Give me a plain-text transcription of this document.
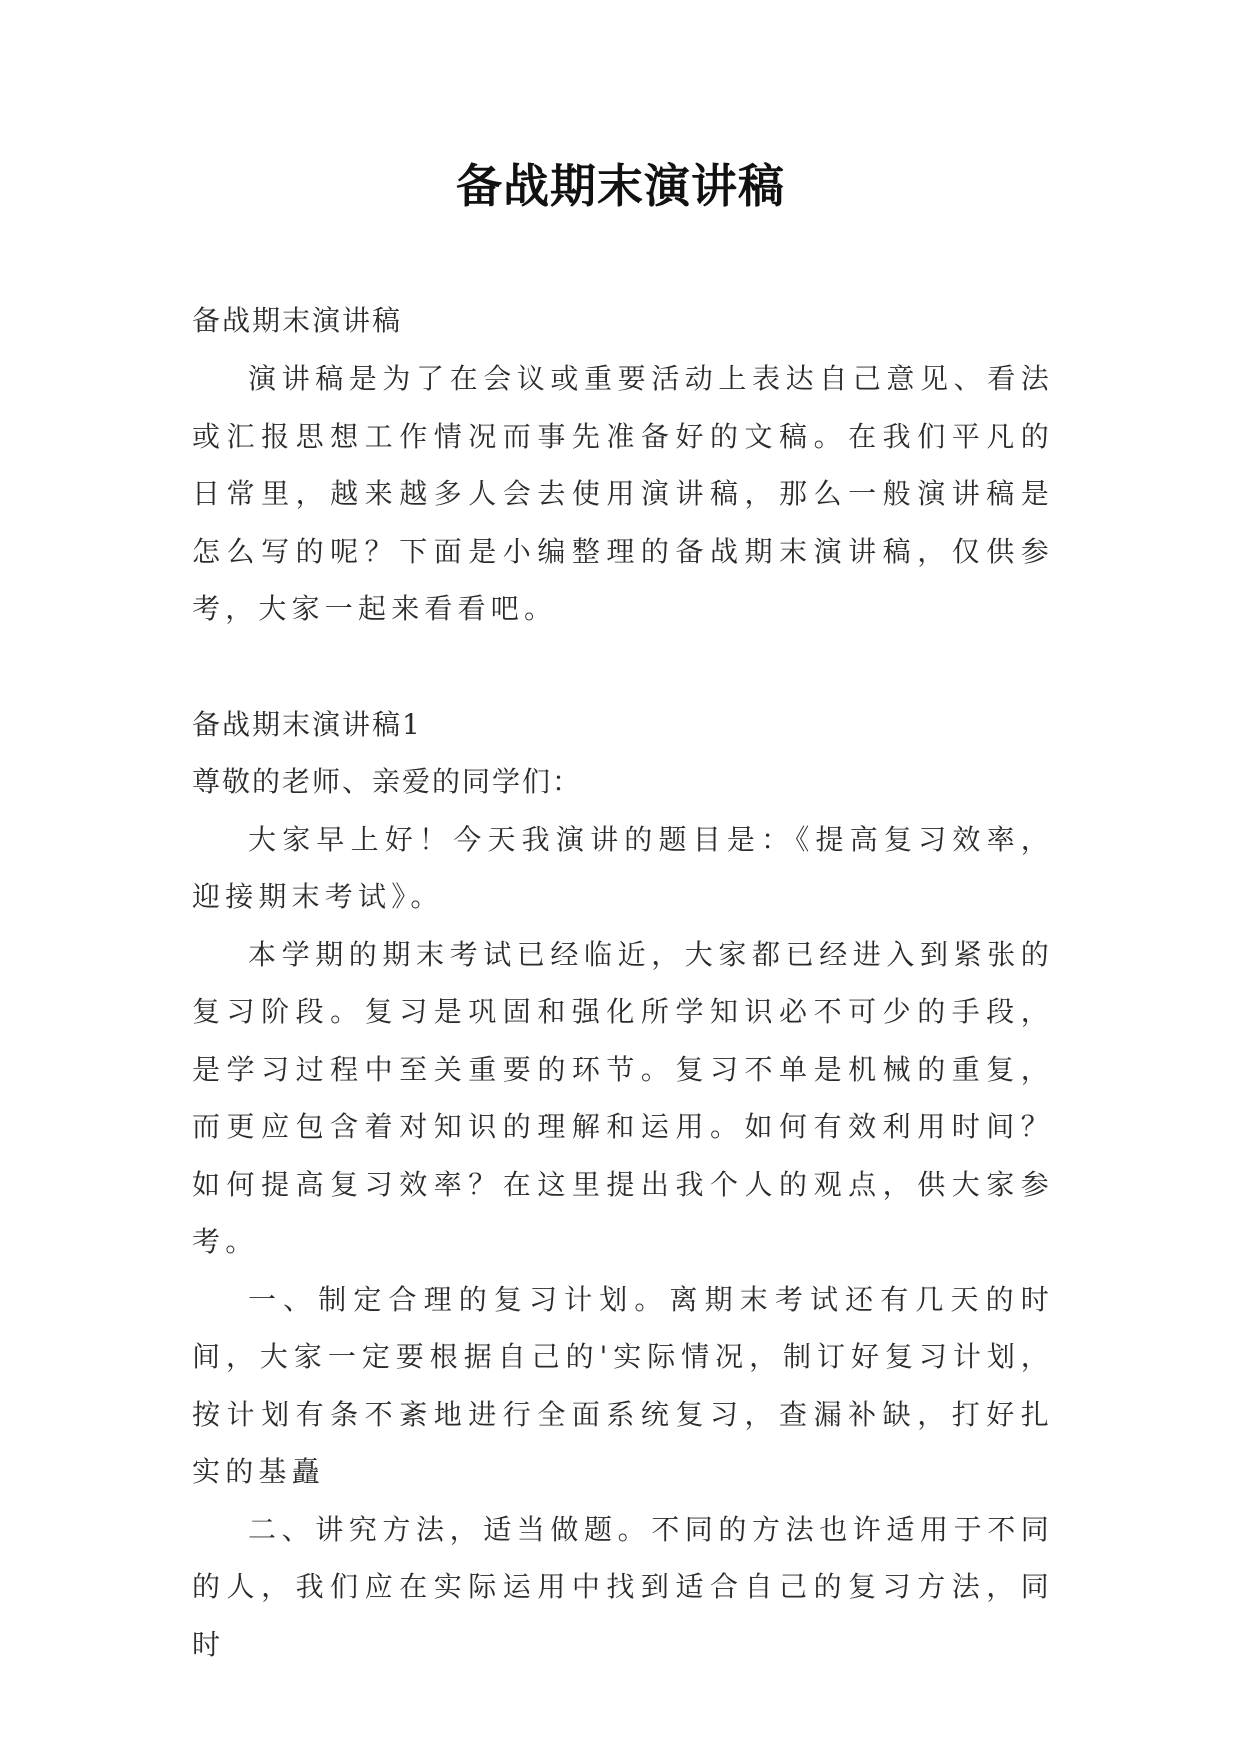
备战期末演讲稿

备战期末演讲稿

演讲稿是为了在会议或重要活动上表达自己意见、看法或汇报思想工作情况而事先准备好的文稿。在我们平凡的日常里，越来越多人会去使用演讲稿，那么一般演讲稿是怎么写的呢？下面是小编整理的备战期末演讲稿，仅供参考，大家一起来看看吧。

备战期末演讲稿1

尊敬的老师、亲爱的同学们：

大家早上好！今天我演讲的题目是：《提高复习效率，迎接期末考试》。

本学期的期末考试已经临近，大家都已经进入到紧张的复习阶段。复习是巩固和强化所学知识必不可少的手段，是学习过程中至关重要的环节。复习不单是机械的重复，而更应包含着对知识的理解和运用。如何有效利用时间？如何提高复习效率？在这里提出我个人的观点，供大家参考。

一、制定合理的复习计划。离期末考试还有几天的时间，大家一定要根据自己的'实际情况，制订好复习计划，按计划有条不紊地进行全面系统复习，查漏补缺，打好扎实的基矗

二、讲究方法，适当做题。不同的方法也许适用于不同的人，我们应在实际运用中找到适合自己的复习方法，同时
